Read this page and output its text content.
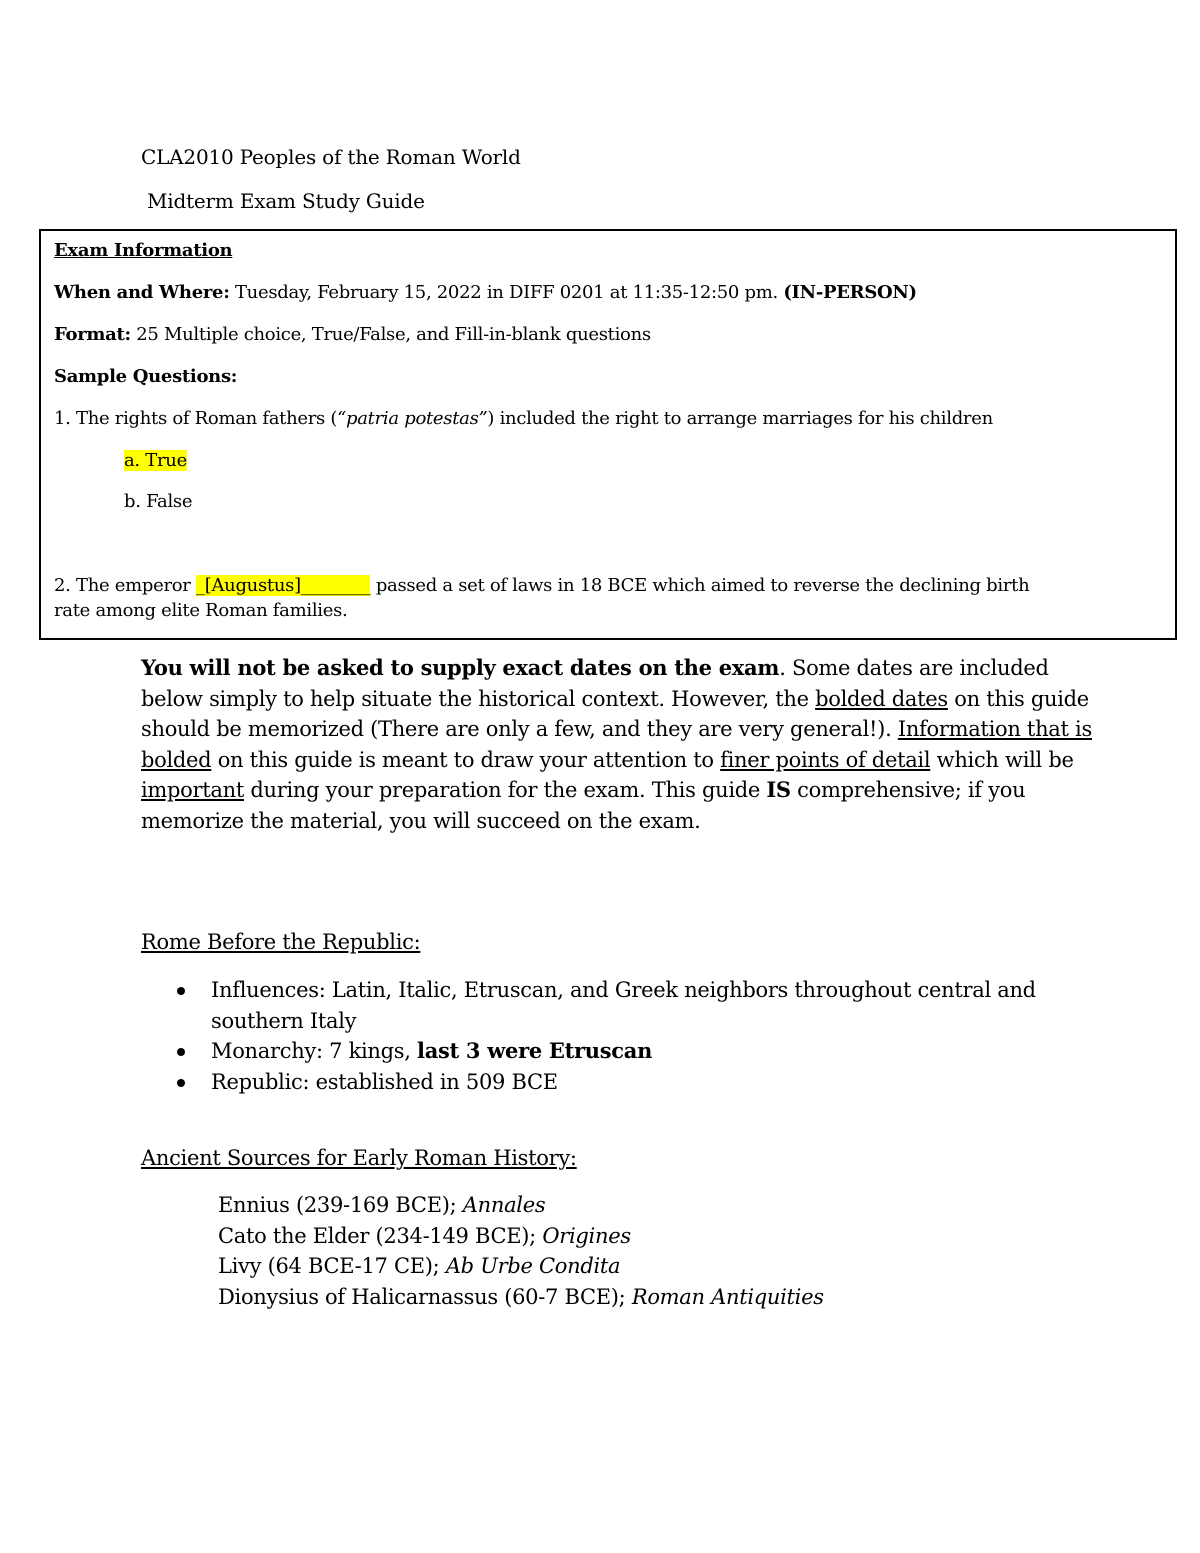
CLA2010 Peoples of the Roman World
Midterm Exam Study Guide
Exam Information
When and Where: Tuesday, February 15, 2022 in DIFF 0201 at 11:35-12:50 pm. (IN-PERSON)
Format: 25 Multiple choice, True/False, and Fill-in-blank questions
Sample Questions:
1. The rights of Roman fathers (“patria potestas”) included the right to arrange marriages for his children
a. True
b. False
2. The emperor _[Augustus]________ passed a set of laws in 18 BCE which aimed to reverse the declining birth
rate among elite Roman families.
You will not be asked to supply exact dates on the exam. Some dates are included below simply to help situate the historical context. However, the bolded dates on this guide should be memorized (There are only a few, and they are very general!). Information that is bolded on this guide is meant to draw your attention to finer points of detail which will be important during your preparation for the exam. This guide IS comprehensive; if you memorize the material, you will succeed on the exam.
Rome Before the Republic:
Influences: Latin, Italic, Etruscan, and Greek neighbors throughout central and southern Italy
Monarchy: 7 kings, last 3 were Etruscan
Republic: established in 509 BCE
Ancient Sources for Early Roman History:
Ennius (239-169 BCE); Annales
Cato the Elder (234-149 BCE); Origines
Livy (64 BCE-17 CE); Ab Urbe Condita
Dionysius of Halicarnassus (60-7 BCE); Roman Antiquities
